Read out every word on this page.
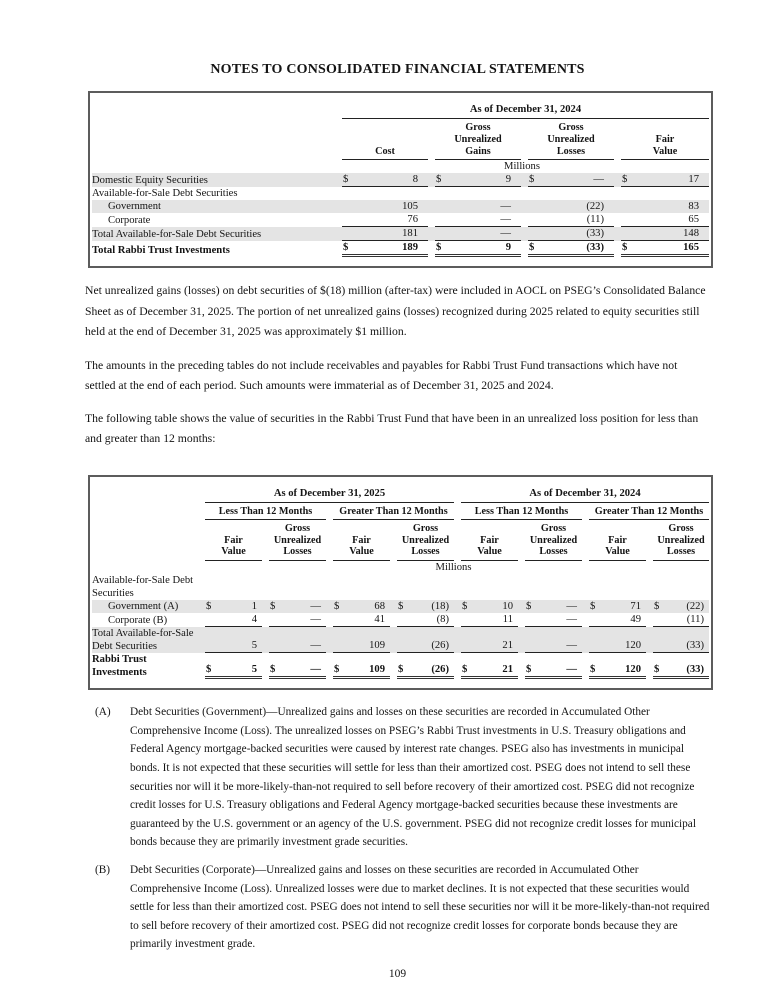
NOTES TO CONSOLIDATED FINANCIAL STATEMENTS

	As of December 31, 2024			

	Cost	Gross Unrealized Gains	Gross Unrealized Losses	Fair Value

	Millions			
Domestic Equity Securities	$ 8	$ 9	$ —	$ 17

Available-for-Sale Debt Securities	

Government	105	—	(22)	83

Corporate	76	—	(11)	65

Total Available-for-Sale Debt Securities	181	—	(33)	148

Total Rabbi Trust Investments	$ 189	$ 9	$ (33)	$ 165

Net unrealized gains (losses) on debt securities of $(18) million (after-tax) were included in AOCL on PSEG’s Consolidated Balance Sheet as of December 31, 2025. The portion of net unrealized gains (losses) recognized during 2025 related to equity securities still held at the end of December 31, 2025 was approximately $1 million.

The amounts in the preceding tables do not include receivables and payables for Rabbi Trust Fund transactions which have not settled at the end of each period. Such amounts were immaterial as of December 31, 2025 and 2024.

The following table shows the value of securities in the Rabbi Trust Fund that have been in an unrealized loss position for less than and greater than 12 months:

	As of December 31, 2025				As of December 31, 2024			

	Less Than 12 Months		Greater Than 12 Months		Less Than 12 Months		Greater Than 12 Months	

	Fair Value	Gross Unrealized Losses	Fair Value	Gross Unrealized Losses	Fair Value	Gross Unrealized Losses	Fair Value	Gross Unrealized Losses

	Millions							
Available-for-Sale Debt Securities	

Government (A)	$ 1	$ —	$ 68	$ (18)	$ 10	$ —	$ 71	$ (22)

Corporate (B)	4	—	41	(8)	11	—	49	(11)

Total Available-for-Sale Debt Securities	5	—	109	(26)	21	—	120	(33)

Rabbi Trust Investments	$ 5	$ —	$ 109	$ (26)	$ 21	$ —	$ 120	$ (33)
(A)	Debt Securities (Government)—Unrealized gains and losses on these securities are recorded in Accumulated Other Comprehensive Income (Loss). The unrealized losses on PSEG’s Rabbi Trust investments in U.S. Treasury obligations and Federal Agency mortgage-backed securities were caused by interest rate changes. PSEG also has investments in municipal bonds. It is not expected that these securities will settle for less than their amortized cost. PSEG does not intend to sell these securities nor will it be more-likely-than-not required to sell before recovery of their amortized cost. PSEG did not recognize credit losses for U.S. Treasury obligations and Federal Agency mortgage-backed securities because these investments are guaranteed by the U.S. government or an agency of the U.S. government. PSEG did not recognize credit losses for municipal bonds because they are primarily investment grade securities.
(B)	Debt Securities (Corporate)—Unrealized gains and losses on these securities are recorded in Accumulated Other Comprehensive Income (Loss). Unrealized losses were due to market declines. It is not expected that these securities would settle for less than their amortized cost. PSEG does not intend to sell these securities nor will it be more-likely-than-not required to sell before recovery of their amortized cost. PSEG did not recognize credit losses for corporate bonds because they are primarily investment grade.
109
